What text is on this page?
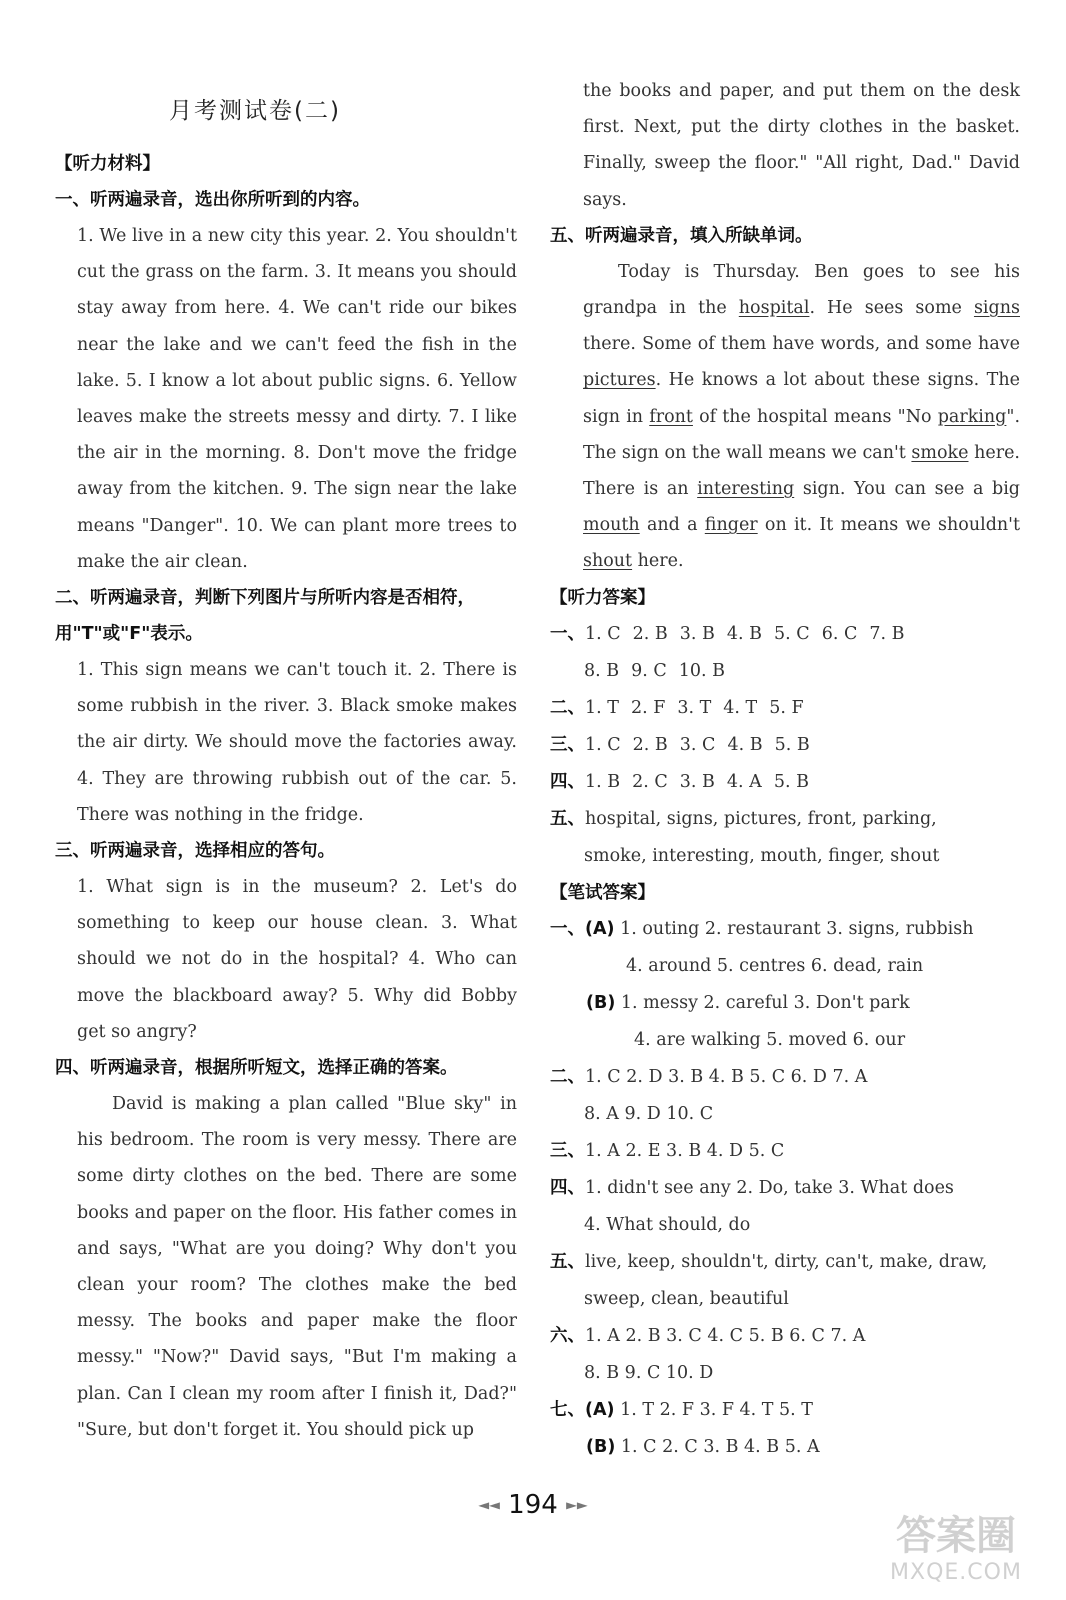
月考测试卷(二)

【听力材料】

一、听两遍录音，选出你所听到的内容。

1. We live in a new city this year. 2. You shouldn't cut the grass on the farm. 3. It means you should stay away from here. 4. We can't ride our bikes near the lake and we can't feed the fish in the lake. 5. I know a lot about public signs. 6. Yellow leaves make the streets messy and dirty. 7. I like the air in the morning. 8. Don't move the fridge away from the kitchen. 9. The sign near the lake means "Danger". 10. We can plant more trees to make the air clean.

二、听两遍录音，判断下列图片与所听内容是否相符，用"T"或"F"表示。

1. This sign means we can't touch it. 2. There is some rubbish in the river. 3. Black smoke makes the air dirty. We should move the factories away. 4. They are throwing rubbish out of the car. 5. There was nothing in the fridge.

三、听两遍录音，选择相应的答句。

1. What sign is in the museum? 2. Let's do something to keep our house clean. 3. What should we not do in the hospital? 4. Who can move the blackboard away? 5. Why did Bobby get so angry?

四、听两遍录音，根据所听短文，选择正确的答案。

David is making a plan called "Blue sky" in his bedroom. The room is very messy. There are some dirty clothes on the bed. There are some books and paper on the floor. His father comes in and says, "What are you doing? Why don't you clean your room? The clothes make the bed messy. The books and paper make the floor messy." "Now?" David says, "But I'm making a plan. Can I clean my room after I finish it, Dad?" "Sure, but don't forget it. You should pick up

the books and paper, and put them on the desk first. Next, put the dirty clothes in the basket. Finally, sweep the floor." "All right, Dad." David says.

五、听两遍录音，填入所缺单词。

Today is Thursday. Ben goes to see his grandpa in the hospital. He sees some signs there. Some of them have words, and some have pictures. He knows a lot about these signs. The sign in front of the hospital means "No parking". The sign on the wall means we can't smoke here. There is an interesting sign. You can see a big mouth and a finger on it. It means we shouldn't shout here.

【听力答案】

一、1. C 2. B 3. B 4. B 5. C 6. C 7. B

8. B 9. C 10. B

二、1. T 2. F 3. T 4. T 5. F

三、1. C 2. B 3. C 4. B 5. B

四、1. B 2. C 3. B 4. A 5. B

五、hospital, signs, pictures, front, parking,

smoke, interesting, mouth, finger, shout

【笔试答案】

一、(A) 1. outing 2. restaurant 3. signs, rubbish

4. around 5. centres 6. dead, rain

(B) 1. messy 2. careful 3. Don't park

4. are walking 5. moved 6. our

二、1. C 2. D 3. B 4. B 5. C 6. D 7. A

8. A 9. D 10. C

三、1. A 2. E 3. B 4. D 5. C

四、1. didn't see any 2. Do, take 3. What does

4. What should, do

五、live, keep, shouldn't, dirty, can't, make, draw,

sweep, clean, beautiful

六、1. A 2. B 3. C 4. C 5. B 6. C 7. A

8. B 9. C 10. D

七、(A) 1. T 2. F 3. F 4. T 5. T

(B) 1. C 2. C 3. B 4. B 5. A

◄◄ 194 ►►
答案圈
MXQE.COM
